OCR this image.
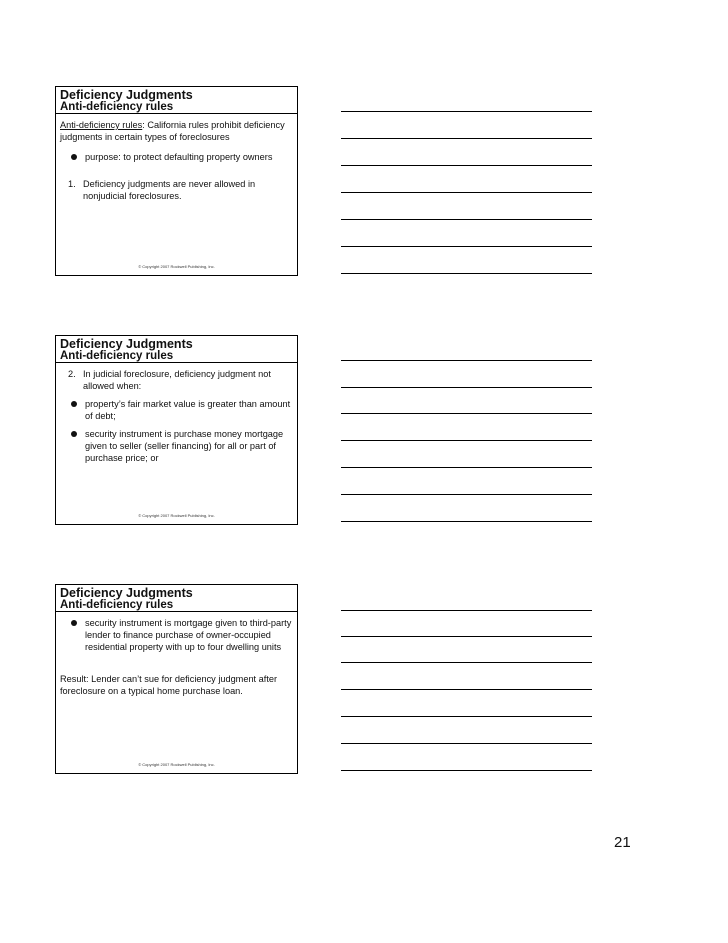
Deficiency Judgments
Anti-deficiency rules

Anti-deficiency rules: California rules prohibit deficiency judgments in certain types of foreclosures

purpose: to protect defaulting property owners
1. Deficiency judgments are never allowed in nonjudicial foreclosures.
© Copyright 2007 Rockwell Publishing, Inc.
Deficiency Judgments
Anti-deficiency rules
2. In judicial foreclosure, deficiency judgment not allowed when:
property’s fair market value is greater than amount of debt;
security instrument is purchase money mortgage given to seller (seller financing) for all or part of purchase price; or
© Copyright 2007 Rockwell Publishing, Inc.
Deficiency Judgments
Anti-deficiency rules
security instrument is mortgage given to third-party lender to finance purchase of owner-occupied residential property with up to four dwelling units

Result: Lender can’t sue for deficiency judgment after foreclosure on a typical home purchase loan.

© Copyright 2007 Rockwell Publishing, Inc.
21
